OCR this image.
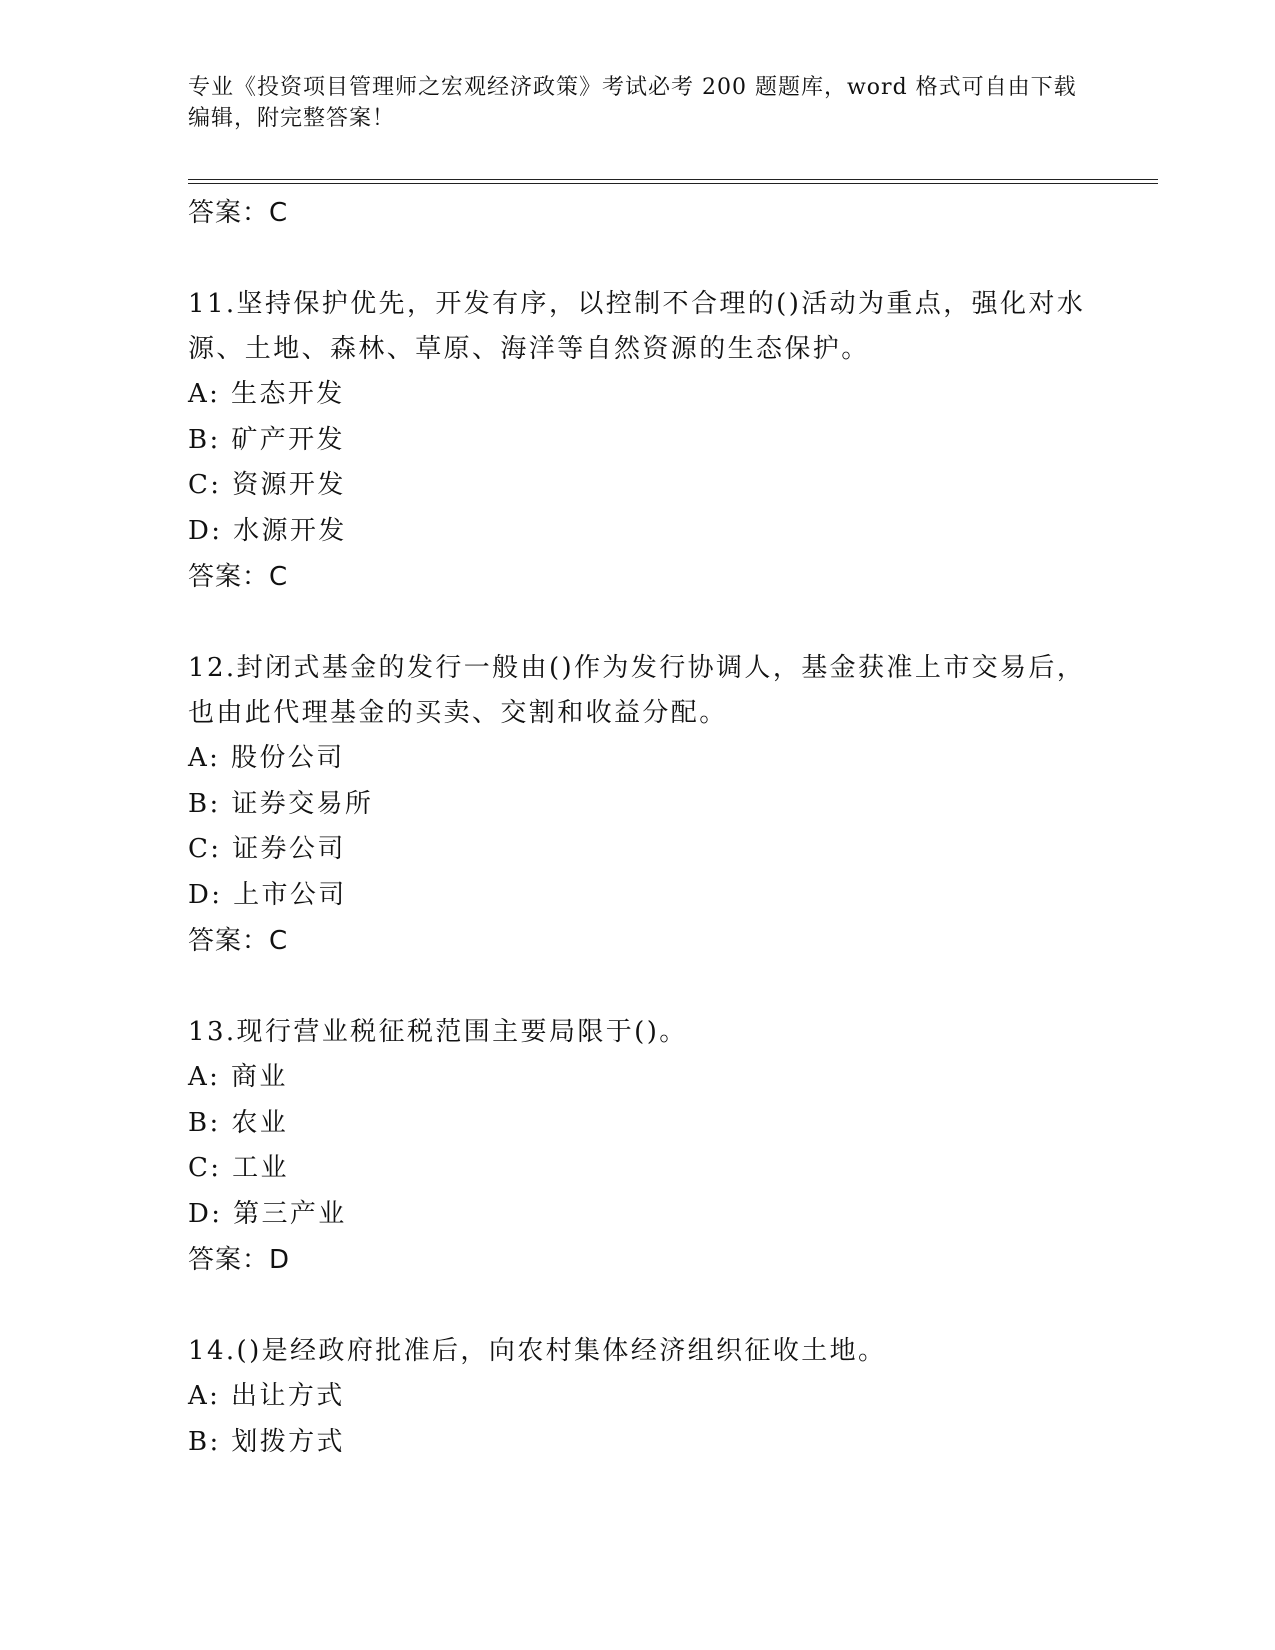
专业《投资项目管理师之宏观经济政策》考试必考 200 题题库，word 格式可自由下载编辑，附完整答案！
答案：C
11.坚持保护优先，开发有序，以控制不合理的()活动为重点，强化对水源、土地、森林、草原、海洋等自然资源的生态保护。
A: 生态开发
B: 矿产开发
C: 资源开发
D: 水源开发
答案：C
12.封闭式基金的发行一般由()作为发行协调人，基金获准上市交易后，也由此代理基金的买卖、交割和收益分配。
A: 股份公司
B: 证券交易所
C: 证券公司
D: 上市公司
答案：C
13.现行营业税征税范围主要局限于()。
A: 商业
B: 农业
C: 工业
D: 第三产业
答案：D
14.()是经政府批准后，向农村集体经济组织征收土地。
A: 出让方式
B: 划拨方式
